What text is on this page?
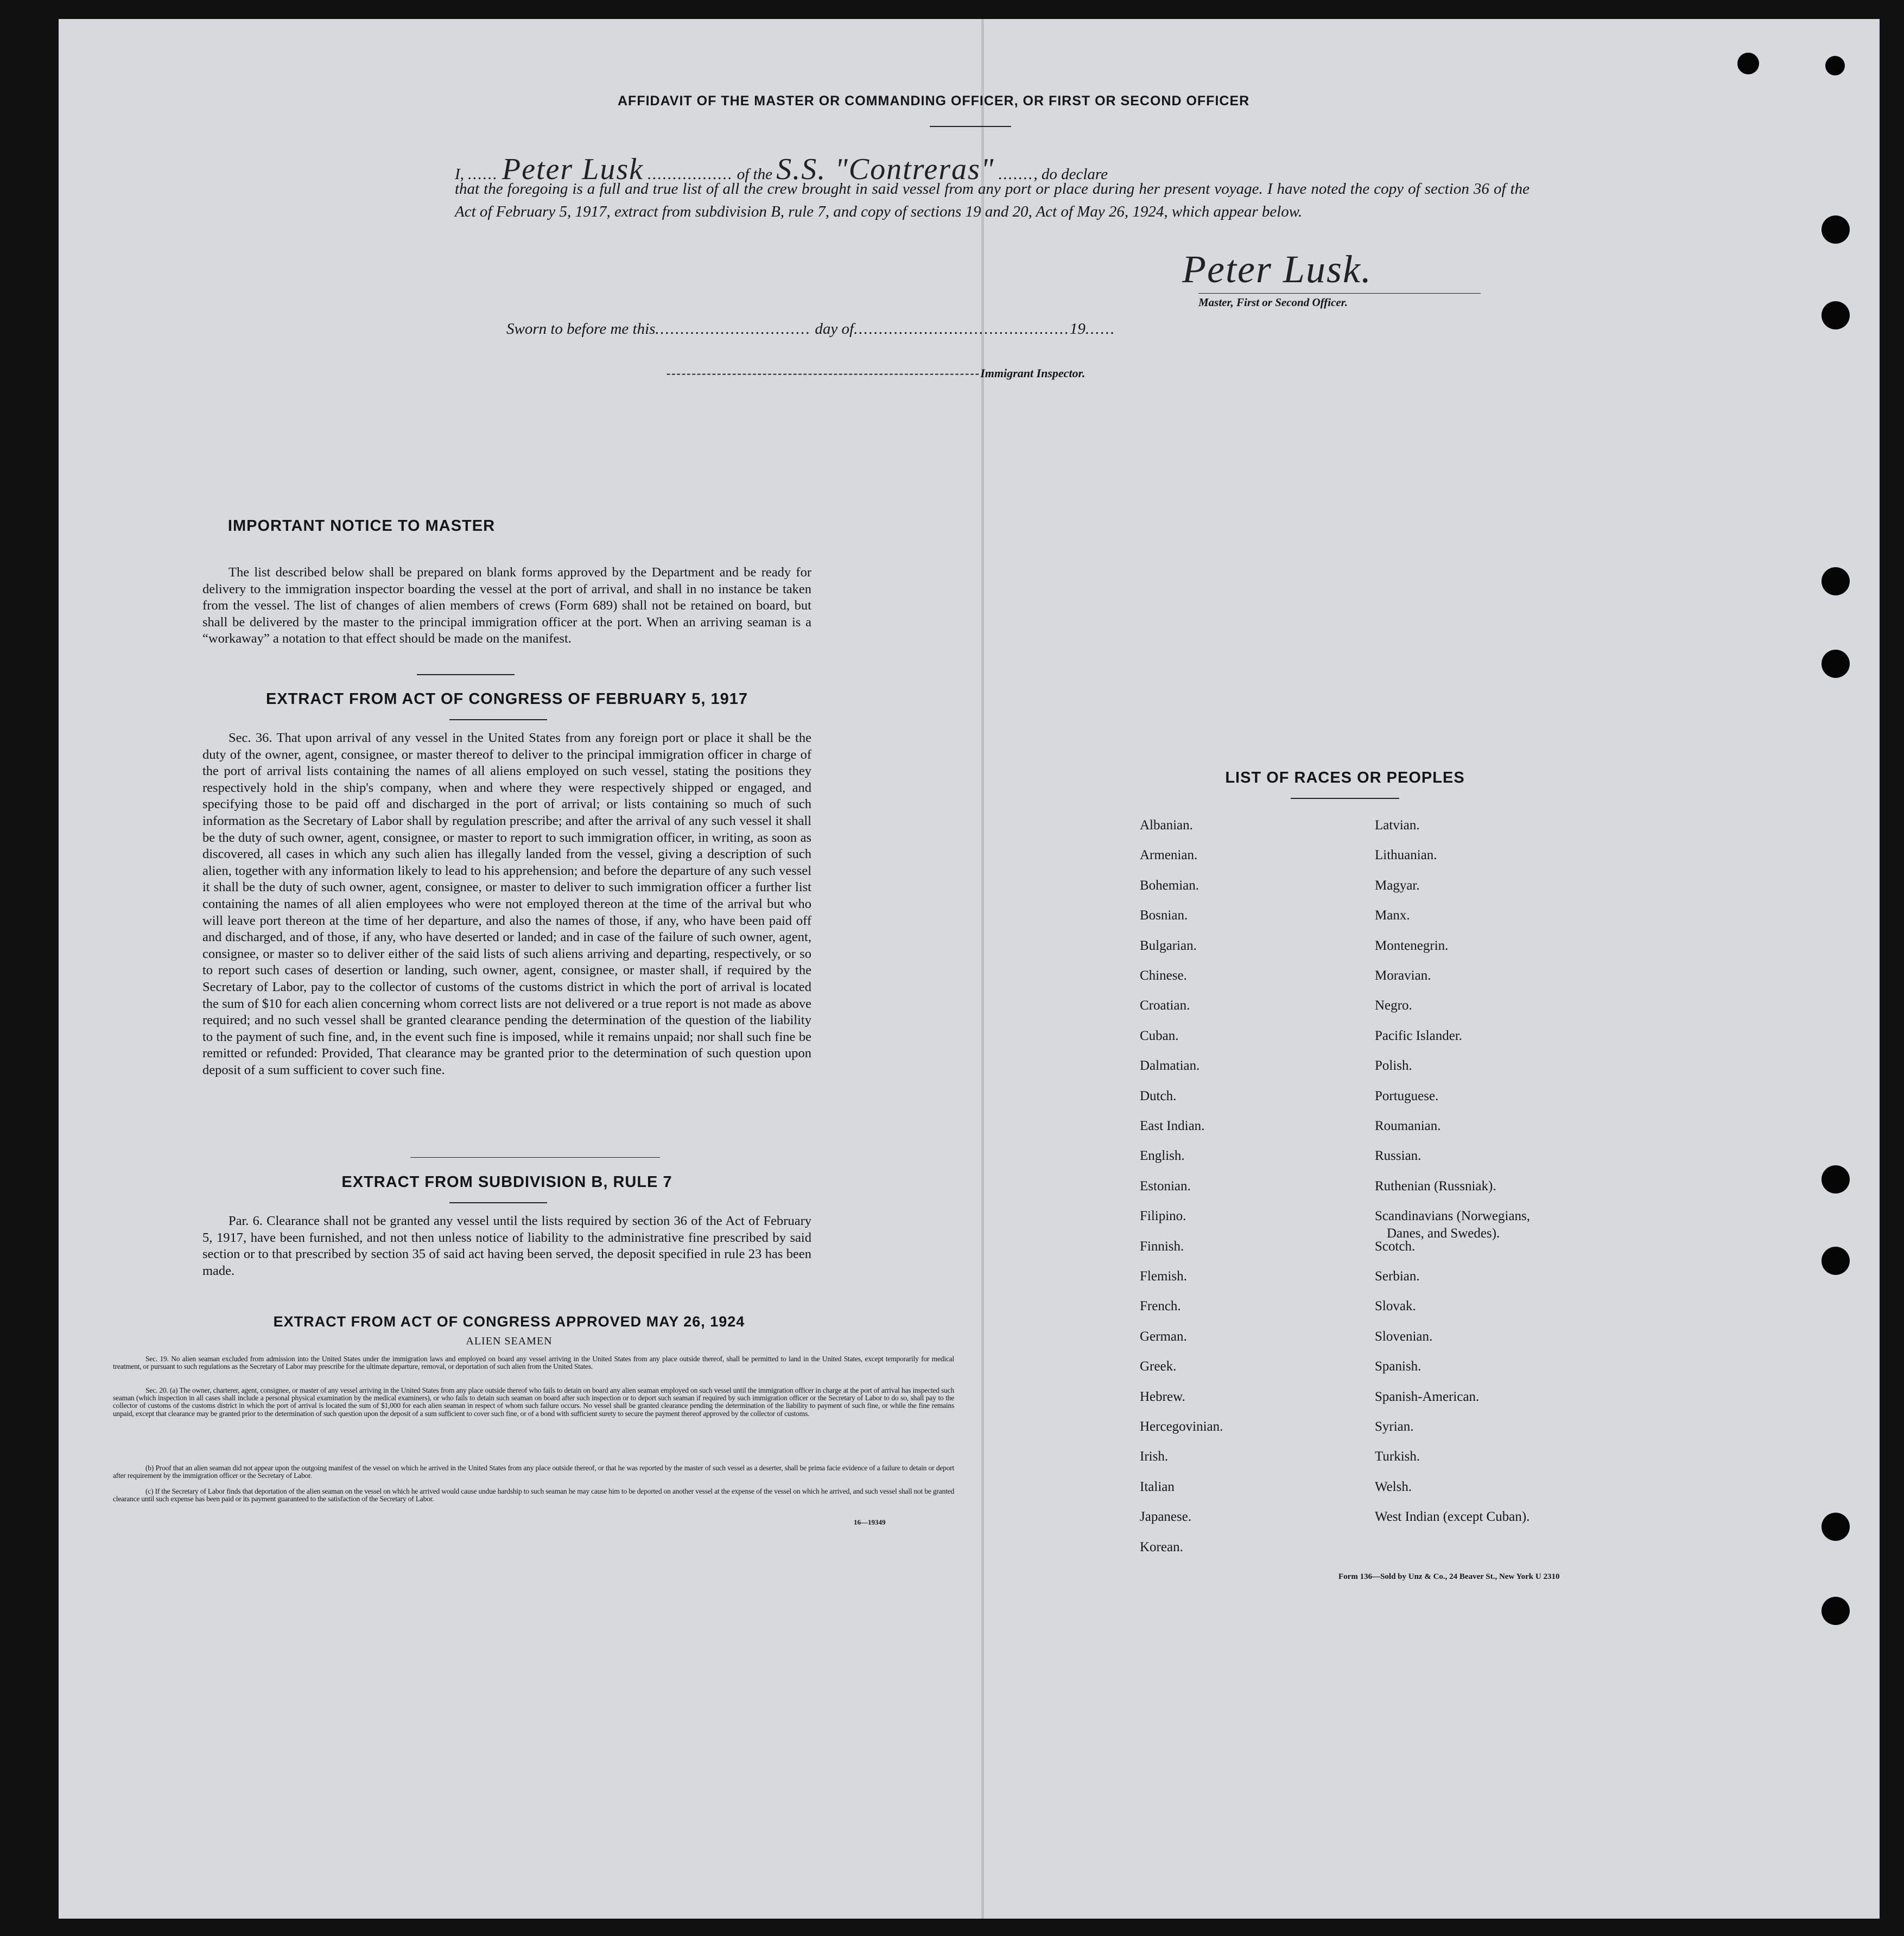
AFFIDAVIT OF THE MASTER OR COMMANDING OFFICER, OR FIRST OR SECOND OFFICER
I, ...... Peter Lusk ................. of the S.S. "Contreras" ......., do declare
that the foregoing is a full and true list of all the crew brought in said vessel from any port or place during her present voyage. I have noted the copy of section 36 of the Act of February 5, 1917, extract from subdivision B, rule 7, and copy of sections 19 and 20, Act of May 26, 1924, which appear below.
Peter Lusk.
Master, First or Second Officer.
Sworn to before me this............................... day of...........................................19......
--------------------------------------------------------------Immigrant Inspector.
IMPORTANT NOTICE TO MASTER
The list described below shall be prepared on blank forms approved by the Department and be ready for delivery to the immigration inspector boarding the vessel at the port of arrival, and shall in no instance be taken from the vessel. The list of changes of alien members of crews (Form 689) shall not be retained on board, but shall be delivered by the master to the principal immigration officer at the port. When an arriving seaman is a “workaway” a notation to that effect should be made on the manifest.
EXTRACT FROM ACT OF CONGRESS OF FEBRUARY 5, 1917
Sec. 36. That upon arrival of any vessel in the United States from any foreign port or place it shall be the duty of the owner, agent, consignee, or master thereof to deliver to the principal immigration officer in charge of the port of arrival lists containing the names of all aliens employed on such vessel, stating the positions they respectively hold in the ship's company, when and where they were respectively shipped or engaged, and specifying those to be paid off and discharged in the port of arrival; or lists containing so much of such information as the Secretary of Labor shall by regulation prescribe; and after the arrival of any such vessel it shall be the duty of such owner, agent, consignee, or master to report to such immigration officer, in writing, as soon as discovered, all cases in which any such alien has illegally landed from the vessel, giving a description of such alien, together with any information likely to lead to his apprehension; and before the departure of any such vessel it shall be the duty of such owner, agent, consignee, or master to deliver to such immigration officer a further list containing the names of all alien employees who were not employed thereon at the time of the arrival but who will leave port thereon at the time of her departure, and also the names of those, if any, who have been paid off and discharged, and of those, if any, who have deserted or landed; and in case of the failure of such owner, agent, consignee, or master so to deliver either of the said lists of such aliens arriving and departing, respectively, or so to report such cases of desertion or landing, such owner, agent, consignee, or master shall, if required by the Secretary of Labor, pay to the collector of customs of the customs district in which the port of arrival is located the sum of $10 for each alien concerning whom correct lists are not delivered or a true report is not made as above required; and no such vessel shall be granted clearance pending the determination of the question of the liability to the payment of such fine, and, in the event such fine is imposed, while it remains unpaid; nor shall such fine be remitted or refunded: Provided, That clearance may be granted prior to the determination of such question upon deposit of a sum sufficient to cover such fine.
EXTRACT FROM SUBDIVISION B, RULE 7
Par. 6. Clearance shall not be granted any vessel until the lists required by section 36 of the Act of February 5, 1917, have been furnished, and not then unless notice of liability to the administrative fine prescribed by said section or to that prescribed by section 35 of said act having been served, the deposit specified in rule 23 has been made.
EXTRACT FROM ACT OF CONGRESS APPROVED MAY 26, 1924
ALIEN SEAMEN
Sec. 19. No alien seaman excluded from admission into the United States under the immigration laws and employed on board any vessel arriving in the United States from any place outside thereof, shall be permitted to land in the United States, except temporarily for medical treatment, or pursuant to such regulations as the Secretary of Labor may prescribe for the ultimate departure, removal, or deportation of such alien from the United States.
Sec. 20. (a) The owner, charterer, agent, consignee, or master of any vessel arriving in the United States from any place outside thereof who fails to detain on board any alien seaman employed on such vessel until the immigration officer in charge at the port of arrival has inspected such seaman (which inspection in all cases shall include a personal physical examination by the medical examiners), or who fails to detain such seaman on board after such inspection or to deport such seaman if required by such immigration officer or the Secretary of Labor to do so, shall pay to the collector of customs of the customs district in which the port of arrival is located the sum of $1,000 for each alien seaman in respect of whom such failure occurs. No vessel shall be granted clearance pending the determination of the liability to payment of such fine, or while the fine remains unpaid, except that clearance may be granted prior to the determination of such question upon the deposit of a sum sufficient to cover such fine, or of a bond with sufficient surety to secure the payment thereof approved by the collector of customs.
(b) Proof that an alien seaman did not appear upon the outgoing manifest of the vessel on which he arrived in the United States from any place outside thereof, or that he was reported by the master of such vessel as a deserter, shall be prima facie evidence of a failure to detain or deport after requirement by the immigration officer or the Secretary of Labor.
(c) If the Secretary of Labor finds that deportation of the alien seaman on the vessel on which he arrived would cause undue hardship to such seaman he may cause him to be deported on another vessel at the expense of the vessel on which he arrived, and such vessel shall not be granted clearance until such expense has been paid or its payment guaranteed to the satisfaction of the Secretary of Labor.
16—19349
LIST OF RACES OR PEOPLES
Albanian.
Armenian.
Bohemian.
Bosnian.
Bulgarian.
Chinese.
Croatian.
Cuban.
Dalmatian.
Dutch.
East Indian.
English.
Estonian.
Filipino.
Finnish.
Flemish.
French.
German.
Greek.
Hebrew.
Hercegovinian.
Irish.
Italian
Japanese.
Korean.
Latvian.
Lithuanian.
Magyar.
Manx.
Montenegrin.
Moravian.
Negro.
Pacific Islander.
Polish.
Portuguese.
Roumanian.
Russian.
Ruthenian (Russniak).
Scandinavians (Norwegians,
Danes, and Swedes).
Scotch.
Serbian.
Slovak.
Slovenian.
Spanish.
Spanish-American.
Syrian.
Turkish.
Welsh.
West Indian (except Cuban).
Form 136—Sold by Unz & Co., 24 Beaver St., New York U 2310
